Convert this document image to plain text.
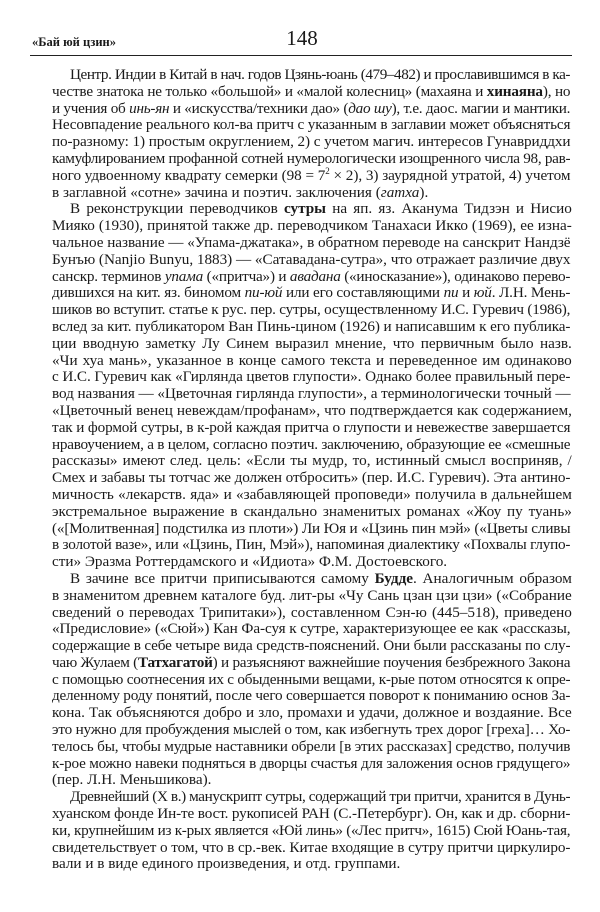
«Бай юй цзин»	148
Центр. Индии в Китай в нач. годов Цзянь-юань (479–482) и прославившимся в ка-
честве знатока не только «большой» и «малой колесниц» (махаяна и хинаяна), но
и учения об инь-ян и «искусства/техники дао» (дао шу), т.е. даос. магии и мантики.
Несовпадение реального кол-ва притч с указанным в заглавии может объясняться
по-разному: 1) простым округлением, 2) с учетом магич. интересов Гунавриддхи
камуфлированием профанной сотней нумерологически изощренного числа 98, рав-
ного удвоенному квадрату семерки $(98 = 7^2 \times 2)$, 3) заурядной утратой, 4) учетом
в заглавной «сотне» зачина и поэтич. заключения (гатха).
В реконструкции переводчиков сутры на яп. яз. Аканума Тидзэн и Нисио
Мияко (1930), принятой также др. переводчиком Танахаси Икко (1969), ее изна-
чальное название — «Упама-джатака», в обратном переводе на санскрит Нандзё
Бунъю (Nanjio Bunyu, 1883) — «Сатавадана-сутра», что отражает различие двух
санскр. терминов упама («притча») и авадана («иносказание»), одинаково перево-
дившихся на кит. яз. биномом пи-юй или его составляющими пи и юй. Л.Н. Мень-
шиков во вступит. статье к рус. пер. сутры, осуществленному И.С. Гуревич (1986),
вслед за кит. публикатором Ван Пинь-цином (1926) и написавшим к его публика-
ции вводную заметку Лу Синем выразил мнение, что первичным было назв.
«Чи хуа мань», указанное в конце самого текста и переведенное им одинаково
с И.С. Гуревич как «Гирлянда цветов глупости». Однако более правильный пере-
вод названия — «Цветочная гирлянда глупости», а терминологически точный —
«Цветочный венец невеждам/профанам», что подтверждается как содержанием,
так и формой сутры, в к-рой каждая притча о глупости и невежестве завершается
нравоучением, а в целом, согласно поэтич. заключению, образующие ее «смешные
рассказы» имеют след. цель: «Если ты мудр, то, истинный смысл восприняв, /
Смех и забавы ты тотчас же должен отбросить» (пер. И.С. Гуревич). Эта антино-
мичность «лекарств. яда» и «забавляющей проповеди» получила в дальнейшем
экстремальное выражение в скандально знаменитых романах «Жоу пу туань»
(«[Молитвенная] подстилка из плоти») Ли Юя и «Цзинь пин мэй» («Цветы сливы
в золотой вазе», или «Цзинь, Пин, Мэй»), напоминая диалектику «Похвалы глупо-
сти» Эразма Роттердамского и «Идиота» Ф.М. Достоевского.
В зачине все притчи приписываются самому Будде. Аналогичным образом
в знаменитом древнем каталоге буд. лит-ры «Чу Сань цзан цзи цзи» («Собрание
сведений о переводах Трипитаки»), составленном Сэн-ю (445–518), приведено
«Предисловие» («Сюй») Кан Фа-суя к сутре, характеризующее ее как «рассказы,
содержащие в себе четыре вида средств-пояснений. Они были рассказаны по слу-
чаю Жулаем (Татхагатой) и разъясняют важнейшие поучения безбрежного Закона
с помощью соотнесения их с обыденными вещами, к-рые потом относятся к опре-
деленному роду понятий, после чего совершается поворот к пониманию основ За-
кона. Так объясняются добро и зло, промахи и удачи, должное и воздаяние. Все
это нужно для пробуждения мыслей о том, как избегнуть трех дорог [греха]… Хо-
телось бы, чтобы мудрые наставники обрели [в этих рассказах] средство, получив
к-рое можно навеки подняться в дворцы счастья для заложения основ грядущего»
(пер. Л.Н. Меньшикова).
Древнейший (X в.) манускрипт сутры, содержащий три притчи, хранится в Дунь-
хуанском фонде Ин-те вост. рукописей РАН (С.-Петербург). Он, как и др. сборни-
ки, крупнейшим из к-рых является «Юй линь» («Лес притч», 1615) Сюй Юань-тая,
свидетельствует о том, что в ср.-век. Китае входящие в сутру притчи циркулиро-
вали и в виде единого произведения, и отд. группами.
